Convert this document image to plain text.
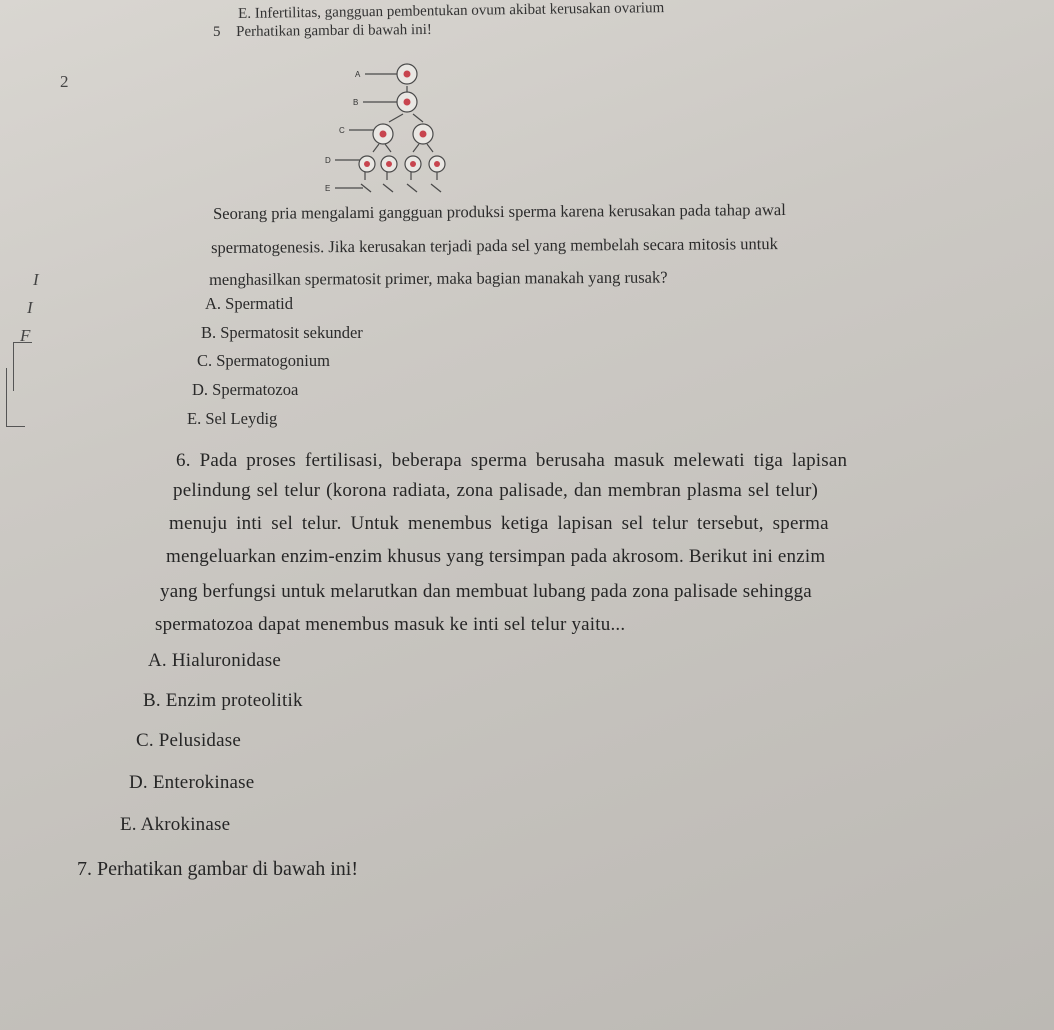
E. Infertilitas, gangguan pembentukan ovum akibat kerusakan ovarium

5 Perhatikan gambar di bawah ini!

2
I
I
F
A
B
C
D
E

Seorang pria mengalami gangguan produksi sperma karena kerusakan pada tahap awal

spermatogenesis. Jika kerusakan terjadi pada sel yang membelah secara mitosis untuk

menghasilkan spermatosit primer, maka bagian manakah yang rusak?

A. Spermatid

B. Spermatosit sekunder

C. Spermatogonium

D. Spermatozoa

E. Sel Leydig

6. Pada proses fertilisasi, beberapa sperma berusaha masuk melewati tiga lapisan

pelindung sel telur (korona radiata, zona palisade, dan membran plasma sel telur)

menuju inti sel telur. Untuk menembus ketiga lapisan sel telur tersebut, sperma

mengeluarkan enzim-enzim khusus yang tersimpan pada akrosom. Berikut ini enzim

yang berfungsi untuk melarutkan dan membuat lubang pada zona palisade sehingga

spermatozoa dapat menembus masuk ke inti sel telur yaitu...

A. Hialuronidase

B. Enzim proteolitik

C. Pelusidase

D. Enterokinase

E. Akrokinase

7. Perhatikan gambar di bawah ini!
